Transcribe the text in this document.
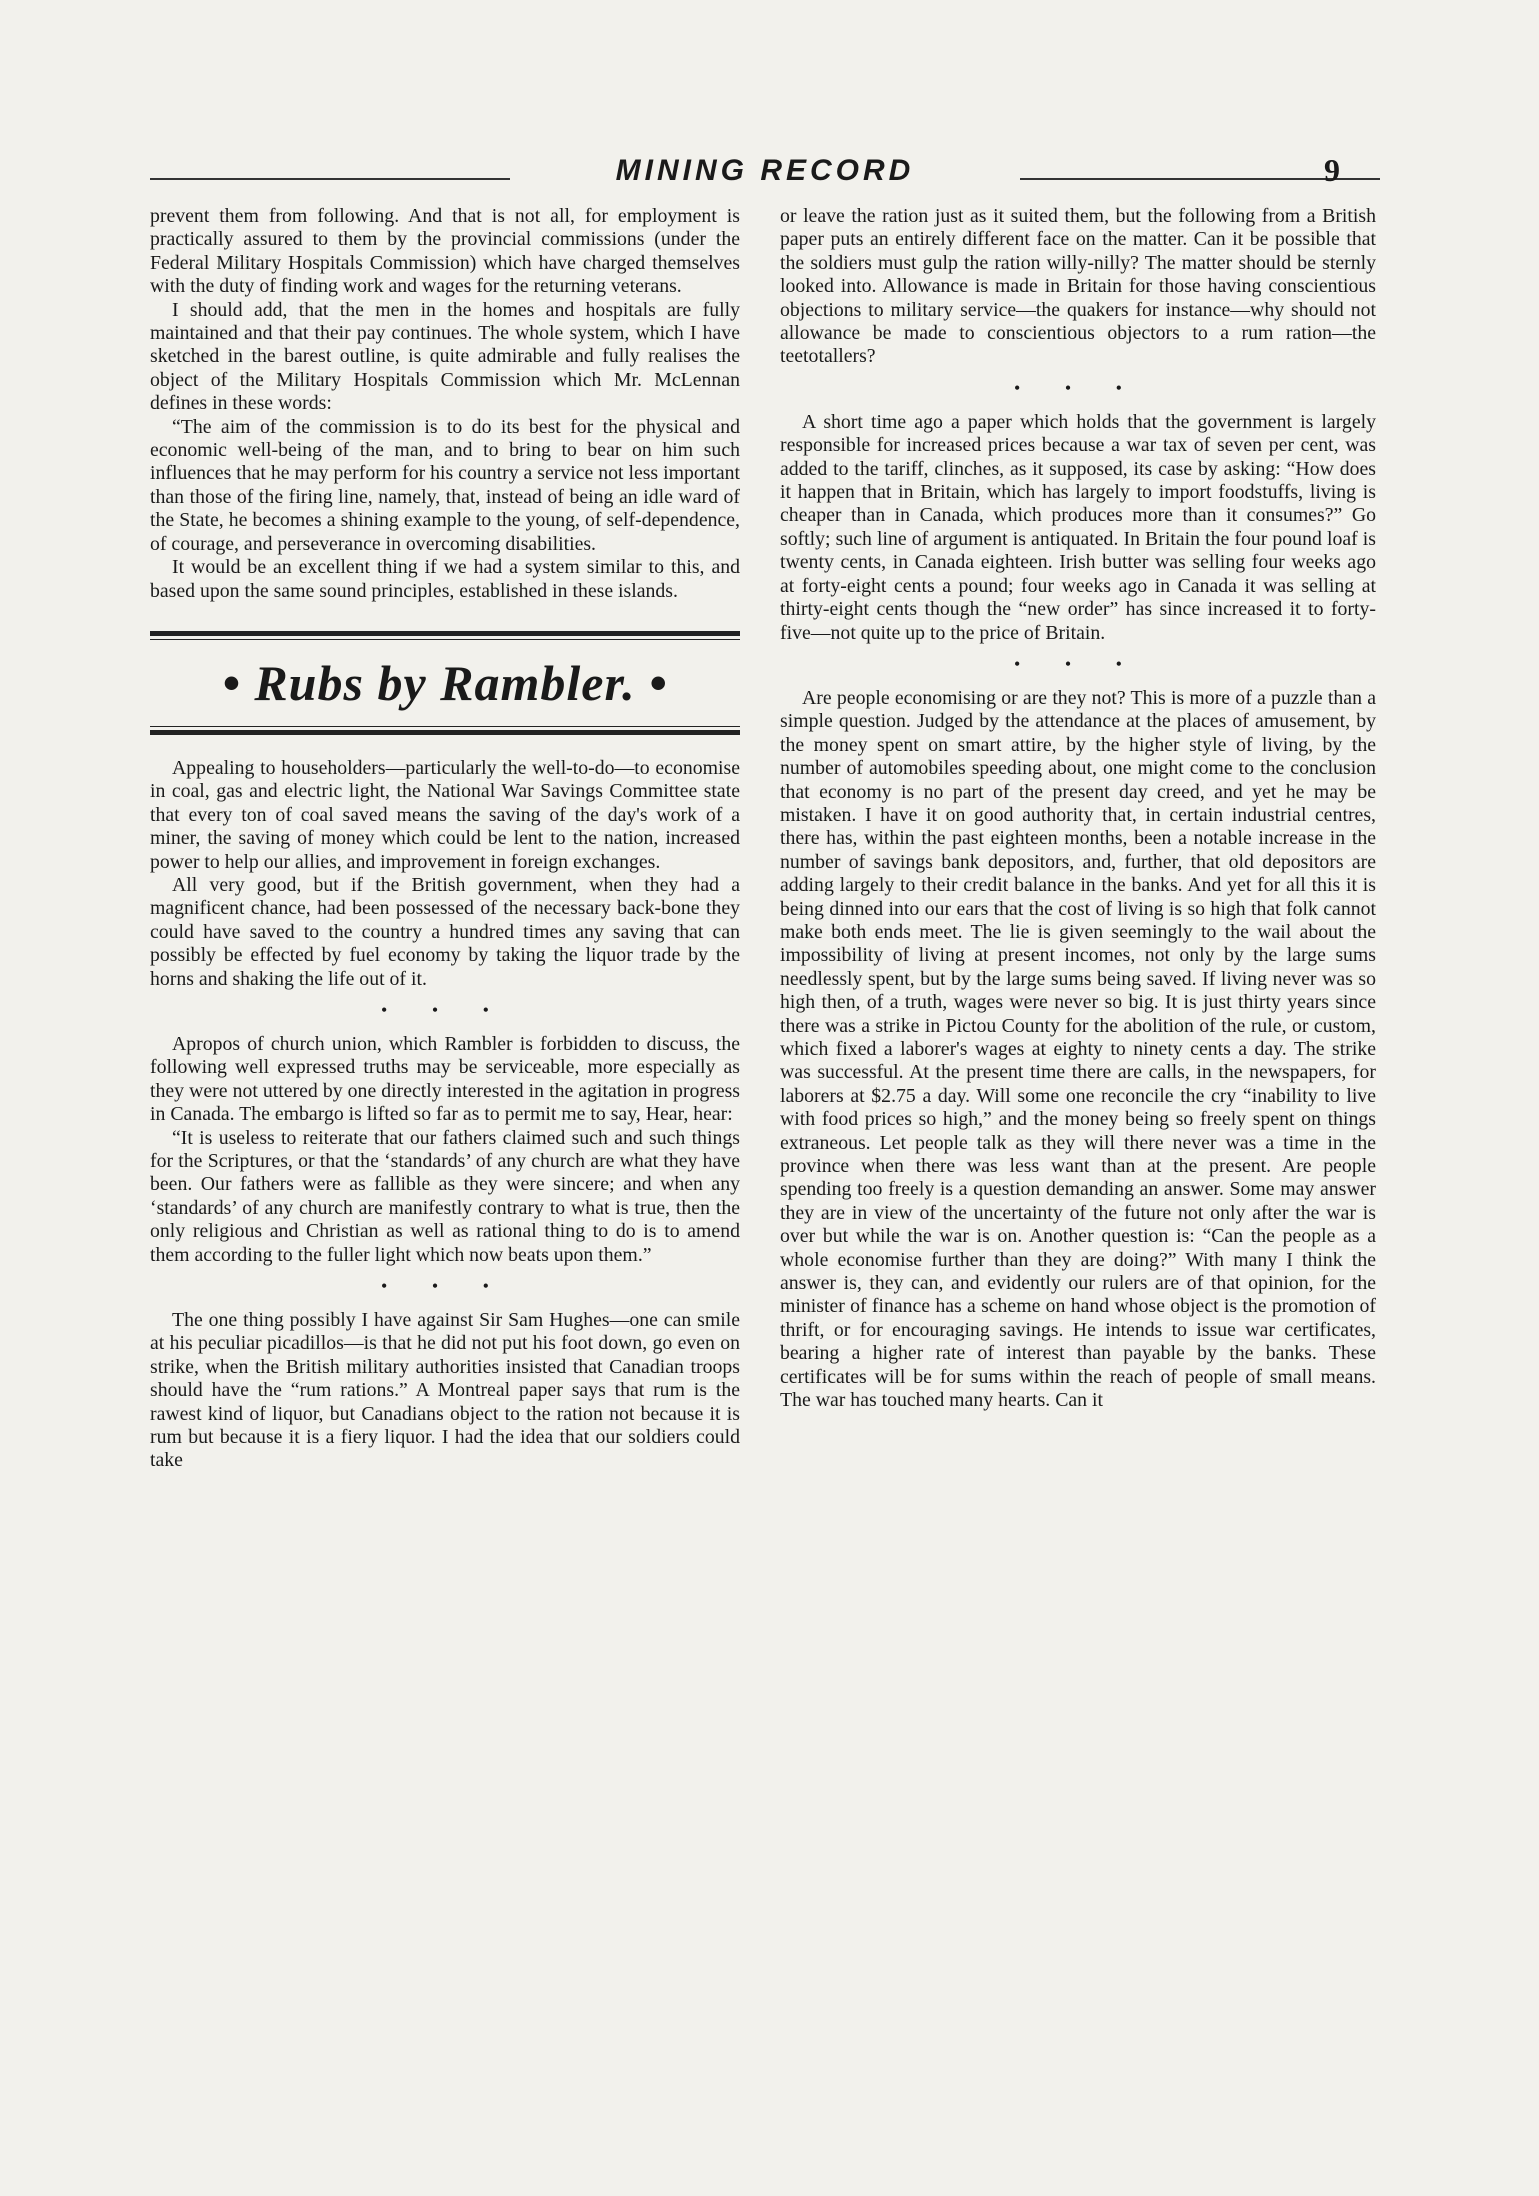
MINING RECORD	9

prevent them from following. And that is not all, for employment is practically assured to them by the provincial commissions (under the Federal Military Hospitals Commission) which have charged themselves with the duty of finding work and wages for the returning veterans.

I should add, that the men in the homes and hospitals are fully maintained and that their pay continues. The whole system, which I have sketched in the barest outline, is quite admirable and fully realises the object of the Military Hospitals Commission which Mr. McLennan defines in these words:

“The aim of the commission is to do its best for the physical and economic well-being of the man, and to bring to bear on him such influences that he may perform for his country a service not less important than those of the firing line, namely, that, instead of being an idle ward of the State, he becomes a shining example to the young, of self-dependence, of courage, and perseverance in overcoming disabilities.

It would be an excellent thing if we had a system similar to this, and based upon the same sound principles, established in these islands.

• Rubs by Rambler. •

Appealing to householders—particularly the well-to-do—to economise in coal, gas and electric light, the National War Savings Committee state that every ton of coal saved means the saving of the day's work of a miner, the saving of money which could be lent to the nation, increased power to help our allies, and improvement in foreign exchanges.

All very good, but if the British government, when they had a magnificent chance, had been possessed of the necessary back-bone they could have saved to the country a hundred times any saving that can possibly be effected by fuel economy by taking the liquor trade by the horns and shaking the life out of it.

• • •

Apropos of church union, which Rambler is forbidden to discuss, the following well expressed truths may be serviceable, more especially as they were not uttered by one directly interested in the agitation in progress in Canada. The embargo is lifted so far as to permit me to say, Hear, hear:

“It is useless to reiterate that our fathers claimed such and such things for the Scriptures, or that the ‘standards’ of any church are what they have been. Our fathers were as fallible as they were sincere; and when any ‘standards’ of any church are manifestly contrary to what is true, then the only religious and Christian as well as rational thing to do is to amend them according to the fuller light which now beats upon them.”

• • •

The one thing possibly I have against Sir Sam Hughes—one can smile at his peculiar picadillos—is that he did not put his foot down, go even on strike, when the British military authorities insisted that Canadian troops should have the “rum rations.” A Montreal paper says that rum is the rawest kind of liquor, but Canadians object to the ration not because it is rum but because it is a fiery liquor. I had the idea that our soldiers could take

or leave the ration just as it suited them, but the following from a British paper puts an entirely different face on the matter. Can it be possible that the soldiers must gulp the ration willy-nilly? The matter should be sternly looked into. Allowance is made in Britain for those having conscientious objections to military service—the quakers for instance—why should not allowance be made to conscientious objectors to a rum ration—the teetotallers?

• • •

A short time ago a paper which holds that the government is largely responsible for increased prices because a war tax of seven per cent, was added to the tariff, clinches, as it supposed, its case by asking: “How does it happen that in Britain, which has largely to import foodstuffs, living is cheaper than in Canada, which produces more than it consumes?” Go softly; such line of argument is antiquated. In Britain the four pound loaf is twenty cents, in Canada eighteen. Irish butter was selling four weeks ago at forty-eight cents a pound; four weeks ago in Canada it was selling at thirty-eight cents though the “new order” has since increased it to forty-five—not quite up to the price of Britain.

• • •

Are people economising or are they not? This is more of a puzzle than a simple question. Judged by the attendance at the places of amusement, by the money spent on smart attire, by the higher style of living, by the number of automobiles speeding about, one might come to the conclusion that economy is no part of the present day creed, and yet he may be mistaken. I have it on good authority that, in certain industrial centres, there has, within the past eighteen months, been a notable increase in the number of savings bank depositors, and, further, that old depositors are adding largely to their credit balance in the banks. And yet for all this it is being dinned into our ears that the cost of living is so high that folk cannot make both ends meet. The lie is given seemingly to the wail about the impossibility of living at present incomes, not only by the large sums needlessly spent, but by the large sums being saved. If living never was so high then, of a truth, wages were never so big. It is just thirty years since there was a strike in Pictou County for the abolition of the rule, or custom, which fixed a laborer's wages at eighty to ninety cents a day. The strike was successful. At the present time there are calls, in the newspapers, for laborers at $2.75 a day. Will some one reconcile the cry “inability to live with food prices so high,” and the money being so freely spent on things extraneous. Let people talk as they will there never was a time in the province when there was less want than at the present. Are people spending too freely is a question demanding an answer. Some may answer they are in view of the uncertainty of the future not only after the war is over but while the war is on. Another question is: “Can the people as a whole economise further than they are doing?” With many I think the answer is, they can, and evidently our rulers are of that opinion, for the minister of finance has a scheme on hand whose object is the promotion of thrift, or for encouraging savings. He intends to issue war certificates, bearing a higher rate of interest than payable by the banks. These certificates will be for sums within the reach of people of small means. The war has touched many hearts. Can it
